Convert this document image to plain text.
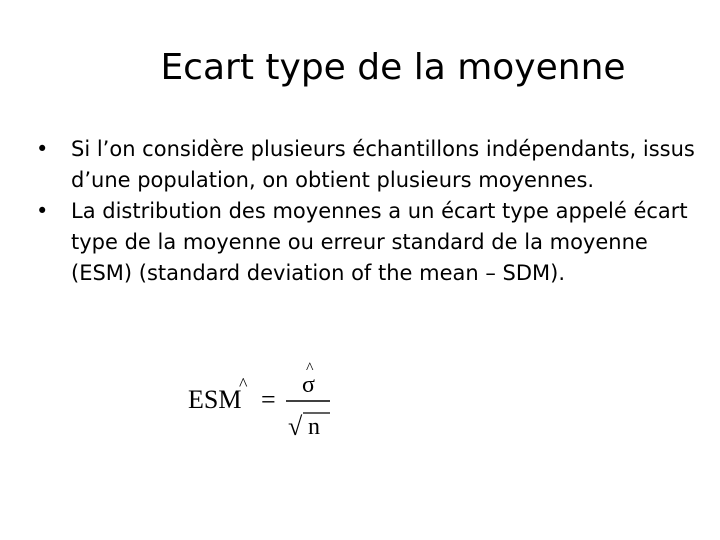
Ecart type de la moyenne
•	Si l’on considère plusieurs échantillons indépendants, issus d’une population, on obtient plusieurs moyennes.
•	La distribution des moyennes a un écart type appelé écart type de la moyenne ou erreur standard de la moyenne (ESM) (standard deviation of the mean – SDM).
ESM
^
=
^
σ
√ n
